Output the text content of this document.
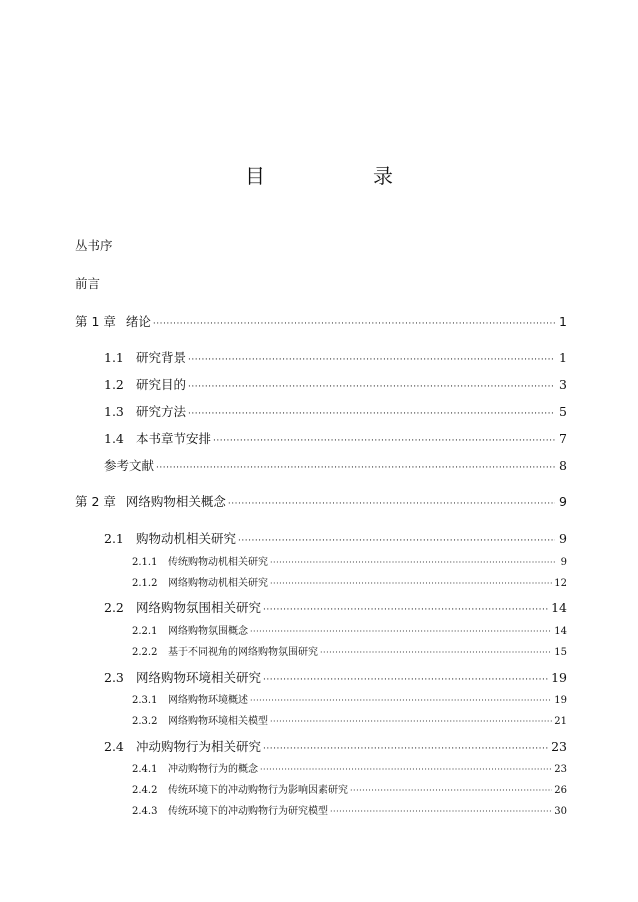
目　录
丛书序
前言
第 1 章 绪论 ·····	1
1.1 研究背景 ·····	1
1.2 研究目的 ·····	3
1.3 研究方法 ·····	5
1.4 本书章节安排 ·····	7
参考文献 ·····	8
第 2 章 网络购物相关概念 ·····	9
2.1 购物动机相关研究 ·····	9
2.1.1	传统购物动机相关研究 ·····	9
2.1.2	网络购物动机相关研究 ·····	12
2.2 网络购物氛围相关研究 ·····	14
2.2.1	网络购物氛围概念 ·····	14
2.2.2	基于不同视角的网络购物氛围研究 ·····	15
2.3 网络购物环境相关研究 ·····	19
2.3.1	网络购物环境概述 ·····	19
2.3.2	网络购物环境相关模型 ·····	21
2.4 冲动购物行为相关研究 ·····	23
2.4.1	冲动购物行为的概念 ·····	23
2.4.2	传统环境下的冲动购物行为影响因素研究 ·····	26
2.4.3	传统环境下的冲动购物行为研究模型 ·····	30
